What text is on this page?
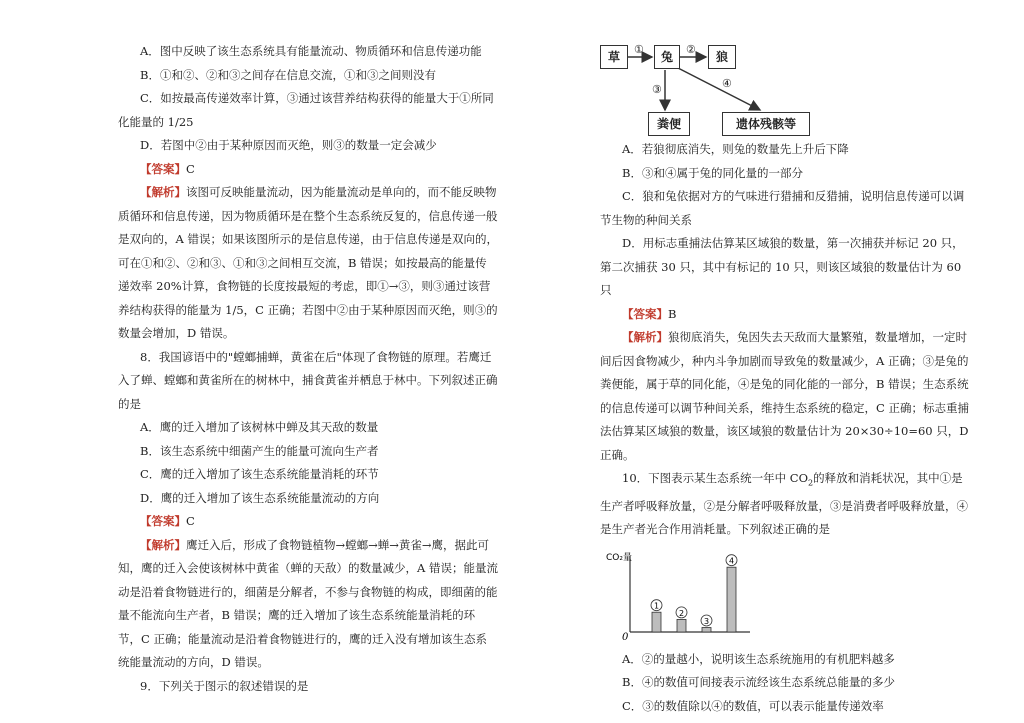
A．图中反映了该生态系统具有能量流动、物质循环和信息传递功能

B．①和②、②和③之间存在信息交流，①和③之间则没有

C．如按最高传递效率计算，③通过该营养结构获得的能量大于①所同化能量的 1/25

D．若图中②由于某种原因而灭绝，则③的数量一定会减少

【答案】C

【解析】该图可反映能量流动，因为能量流动是单向的，而不能反映物质循环和信息传递，因为物质循环是在整个生态系统反复的，信息传递一般是双向的，A 错误；如果该图所示的是信息传递，由于信息传递是双向的，可在①和②、②和③、①和③之间相互交流，B 错误；如按最高的能量传递效率 20%计算，食物链的长度按最短的考虑，即①→③，则③通过该营养结构获得的能量为 1/5，C 正确；若图中②由于某种原因而灭绝，则③的数量会增加，D 错误。

8．我国谚语中的"螳螂捕蝉，黄雀在后"体现了食物链的原理。若鹰迁入了蝉、螳螂和黄雀所在的树林中，捕食黄雀并栖息于林中。下列叙述正确的是

A．鹰的迁入增加了该树林中蝉及其天敌的数量

B．该生态系统中细菌产生的能量可流向生产者

C．鹰的迁入增加了该生态系统能量消耗的环节

D．鹰的迁入增加了该生态系统能量流动的方向

【答案】C

【解析】鹰迁入后，形成了食物链植物→螳螂→蝉→黄雀→鹰，据此可知，鹰的迁入会使该树林中黄雀（蝉的天敌）的数量减少，A 错误；能量流动是沿着食物链进行的，细菌是分解者，不参与食物链的构成，即细菌的能量不能流向生产者，B 错误；鹰的迁入增加了该生态系统能量消耗的环节，C 正确；能量流动是沿着食物链进行的，鹰的迁入没有增加该生态系统能量流动的方向，D 错误。

9．下列关于图示的叙述错误的是

草	兔	狼
粪便	遗体残骸等
①	②
③	④

A．若狼彻底消失，则兔的数量先上升后下降

B．③和④属于兔的同化量的一部分

C．狼和兔依据对方的气味进行猎捕和反猎捕，说明信息传递可以调节生物的种间关系

D．用标志重捕法估算某区域狼的数量，第一次捕获并标记 20 只，第二次捕获 30 只，其中有标记的 10 只，则该区域狼的数量估计为 60 只

【答案】B

【解析】狼彻底消失，兔因失去天敌而大量繁殖，数量增加，一定时间后因食物减少，种内斗争加剧而导致兔的数量减少，A 正确；③是兔的粪便能，属于草的同化能，④是兔的同化能的一部分，B 错误；生态系统的信息传递可以调节种间关系，维持生态系统的稳定，C 正确；标志重捕法估算某区域狼的数量，该区域狼的数量估计为 20×30÷10=60 只，D 正确。

10．下图表示某生态系统一年中 $CO_2$的释放和消耗状况，其中①是生产者呼吸释放量，②是分解者呼吸释放量，③是消费者呼吸释放量，④是生产者光合作用消耗量。下列叙述正确的是

CO₂量
0
1
2
3
4

A．②的量越小，说明该生态系统施用的有机肥料越多

B．④的数值可间接表示流经该生态系统总能量的多少

C．③的数值除以④的数值，可以表示能量传递效率
